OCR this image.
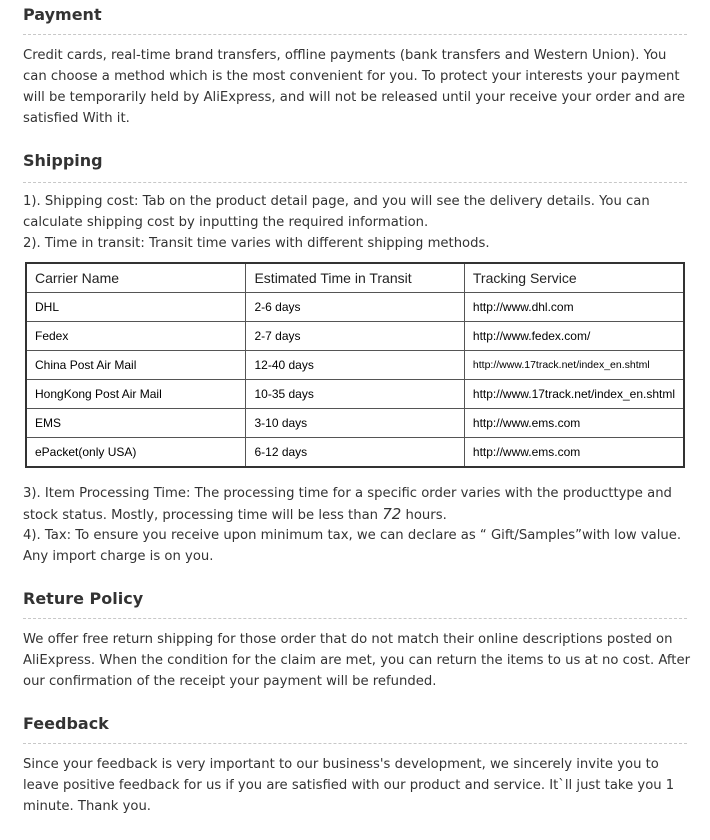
Payment

Credit cards, real-time brand transfers, offline payments (bank transfers and Western Union). You can choose a method which is the most convenient for you. To protect your interests your payment will be temporarily held by AliExpress, and will not be released until your receive your order and are satisfied With it.

Shipping

1). Shipping cost: Tab on the product detail page, and you will see the delivery details. You can calculate shipping cost by inputting the required information.

2). Time in transit: Transit time varies with different shipping methods.

Carrier Name	Estimated Time in Transit	Tracking Service
DHL	2-6 days	http://www.dhl.com
Fedex	2-7 days	http://www.fedex.com/
China Post Air Mail	12-40 days	http://www.17track.net/index_en.shtml
HongKong Post Air Mail	10-35 days	http://www.17track.net/index_en.shtml
EMS	3-10 days	http://www.ems.com
ePacket(only USA)	6-12 days	http://www.ems.com

3). Item Processing Time: The processing time for a specific order varies with the producttype and stock status. Mostly, processing time will be less than 72 hours.

4). Tax: To ensure you receive upon minimum tax, we can declare as “ Gift/Samples”with low value. Any import charge is on you.

Reture Policy

We offer free return shipping for those order that do not match their online descriptions posted on AliExpress. When the condition for the claim are met, you can return the items to us at no cost. After our confirmation of the receipt your payment will be refunded.

Feedback

Since your feedback is very important to our business's development, we sincerely invite you to leave positive feedback for us if you are satisfied with our product and service. It`ll just take you 1 minute. Thank you.
